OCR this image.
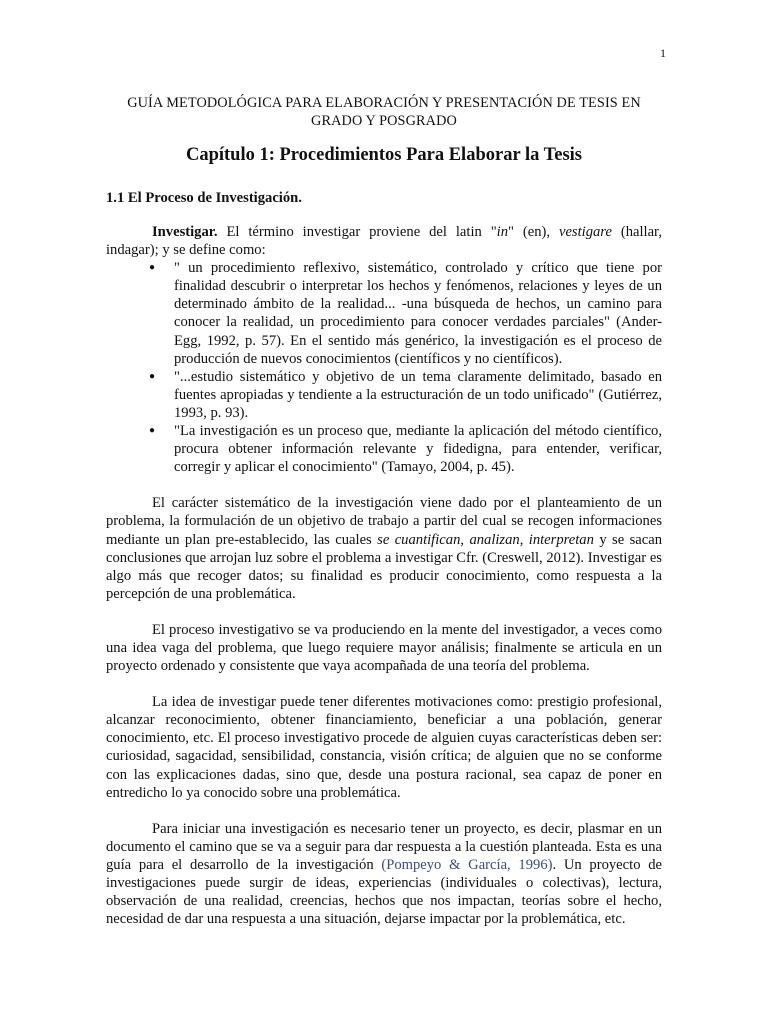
1
GUÍA METODOLÓGICA PARA ELABORACIÓN Y PRESENTACIÓN DE TESIS EN
GRADO Y POSGRADO
Capítulo 1: Procedimientos Para Elaborar la Tesis
1.1 El Proceso de Investigación.

Investigar. El término investigar proviene del latin "in" (en), vestigare (hallar, indagar); y se define como:

● " un procedimiento reflexivo, sistemático, controlado y crítico que tiene por finalidad descubrir o interpretar los hechos y fenómenos, relaciones y leyes de un determinado ámbito de la realidad... -una búsqueda de hechos, un camino para conocer la realidad, un procedimiento para conocer verdades parciales" (Ander-Egg, 1992, p. 57). En el sentido más genérico, la investigación es el proceso de producción de nuevos conocimientos (científicos y no científicos).
● "...estudio sistemático y objetivo de un tema claramente delimitado, basado en fuentes apropiadas y tendiente a la estructuración de un todo unificado" (Gutiérrez, 1993, p. 93).
● "La investigación es un proceso que, mediante la aplicación del método científico, procura obtener información relevante y fidedigna, para entender, verificar, corregir y aplicar el conocimiento" (Tamayo, 2004, p. 45).

El carácter sistemático de la investigación viene dado por el planteamiento de un problema, la formulación de un objetivo de trabajo a partir del cual se recogen informaciones mediante un plan pre-establecido, las cuales se cuantifican, analizan, interpretan y se sacan conclusiones que arrojan luz sobre el problema a investigar Cfr. (Creswell, 2012). Investigar es algo más que recoger datos; su finalidad es producir conocimiento, como respuesta a la percepción de una problemática.

El proceso investigativo se va produciendo en la mente del investigador, a veces como una idea vaga del problema, que luego requiere mayor análisis; finalmente se articula en un proyecto ordenado y consistente que vaya acompañada de una teoría del problema.

La idea de investigar puede tener diferentes motivaciones como: prestigio profesional, alcanzar reconocimiento, obtener financiamiento, beneficiar a una población, generar conocimiento, etc. El proceso investigativo procede de alguien cuyas características deben ser: curiosidad, sagacidad, sensibilidad, constancia, visión crítica; de alguien que no se conforme con las explicaciones dadas, sino que, desde una postura racional, sea capaz de poner en entredicho lo ya conocido sobre una problemática.

Para iniciar una investigación es necesario tener un proyecto, es decir, plasmar en un documento el camino que se va a seguir para dar respuesta a la cuestión planteada. Esta es una guía para el desarrollo de la investigación (Pompeyo & García, 1996). Un proyecto de investigaciones puede surgir de ideas, experiencias (individuales o colectivas), lectura, observación de una realidad, creencias, hechos que nos impactan, teorías sobre el hecho, necesidad de dar una respuesta a una situación, dejarse impactar por la problemática, etc.
